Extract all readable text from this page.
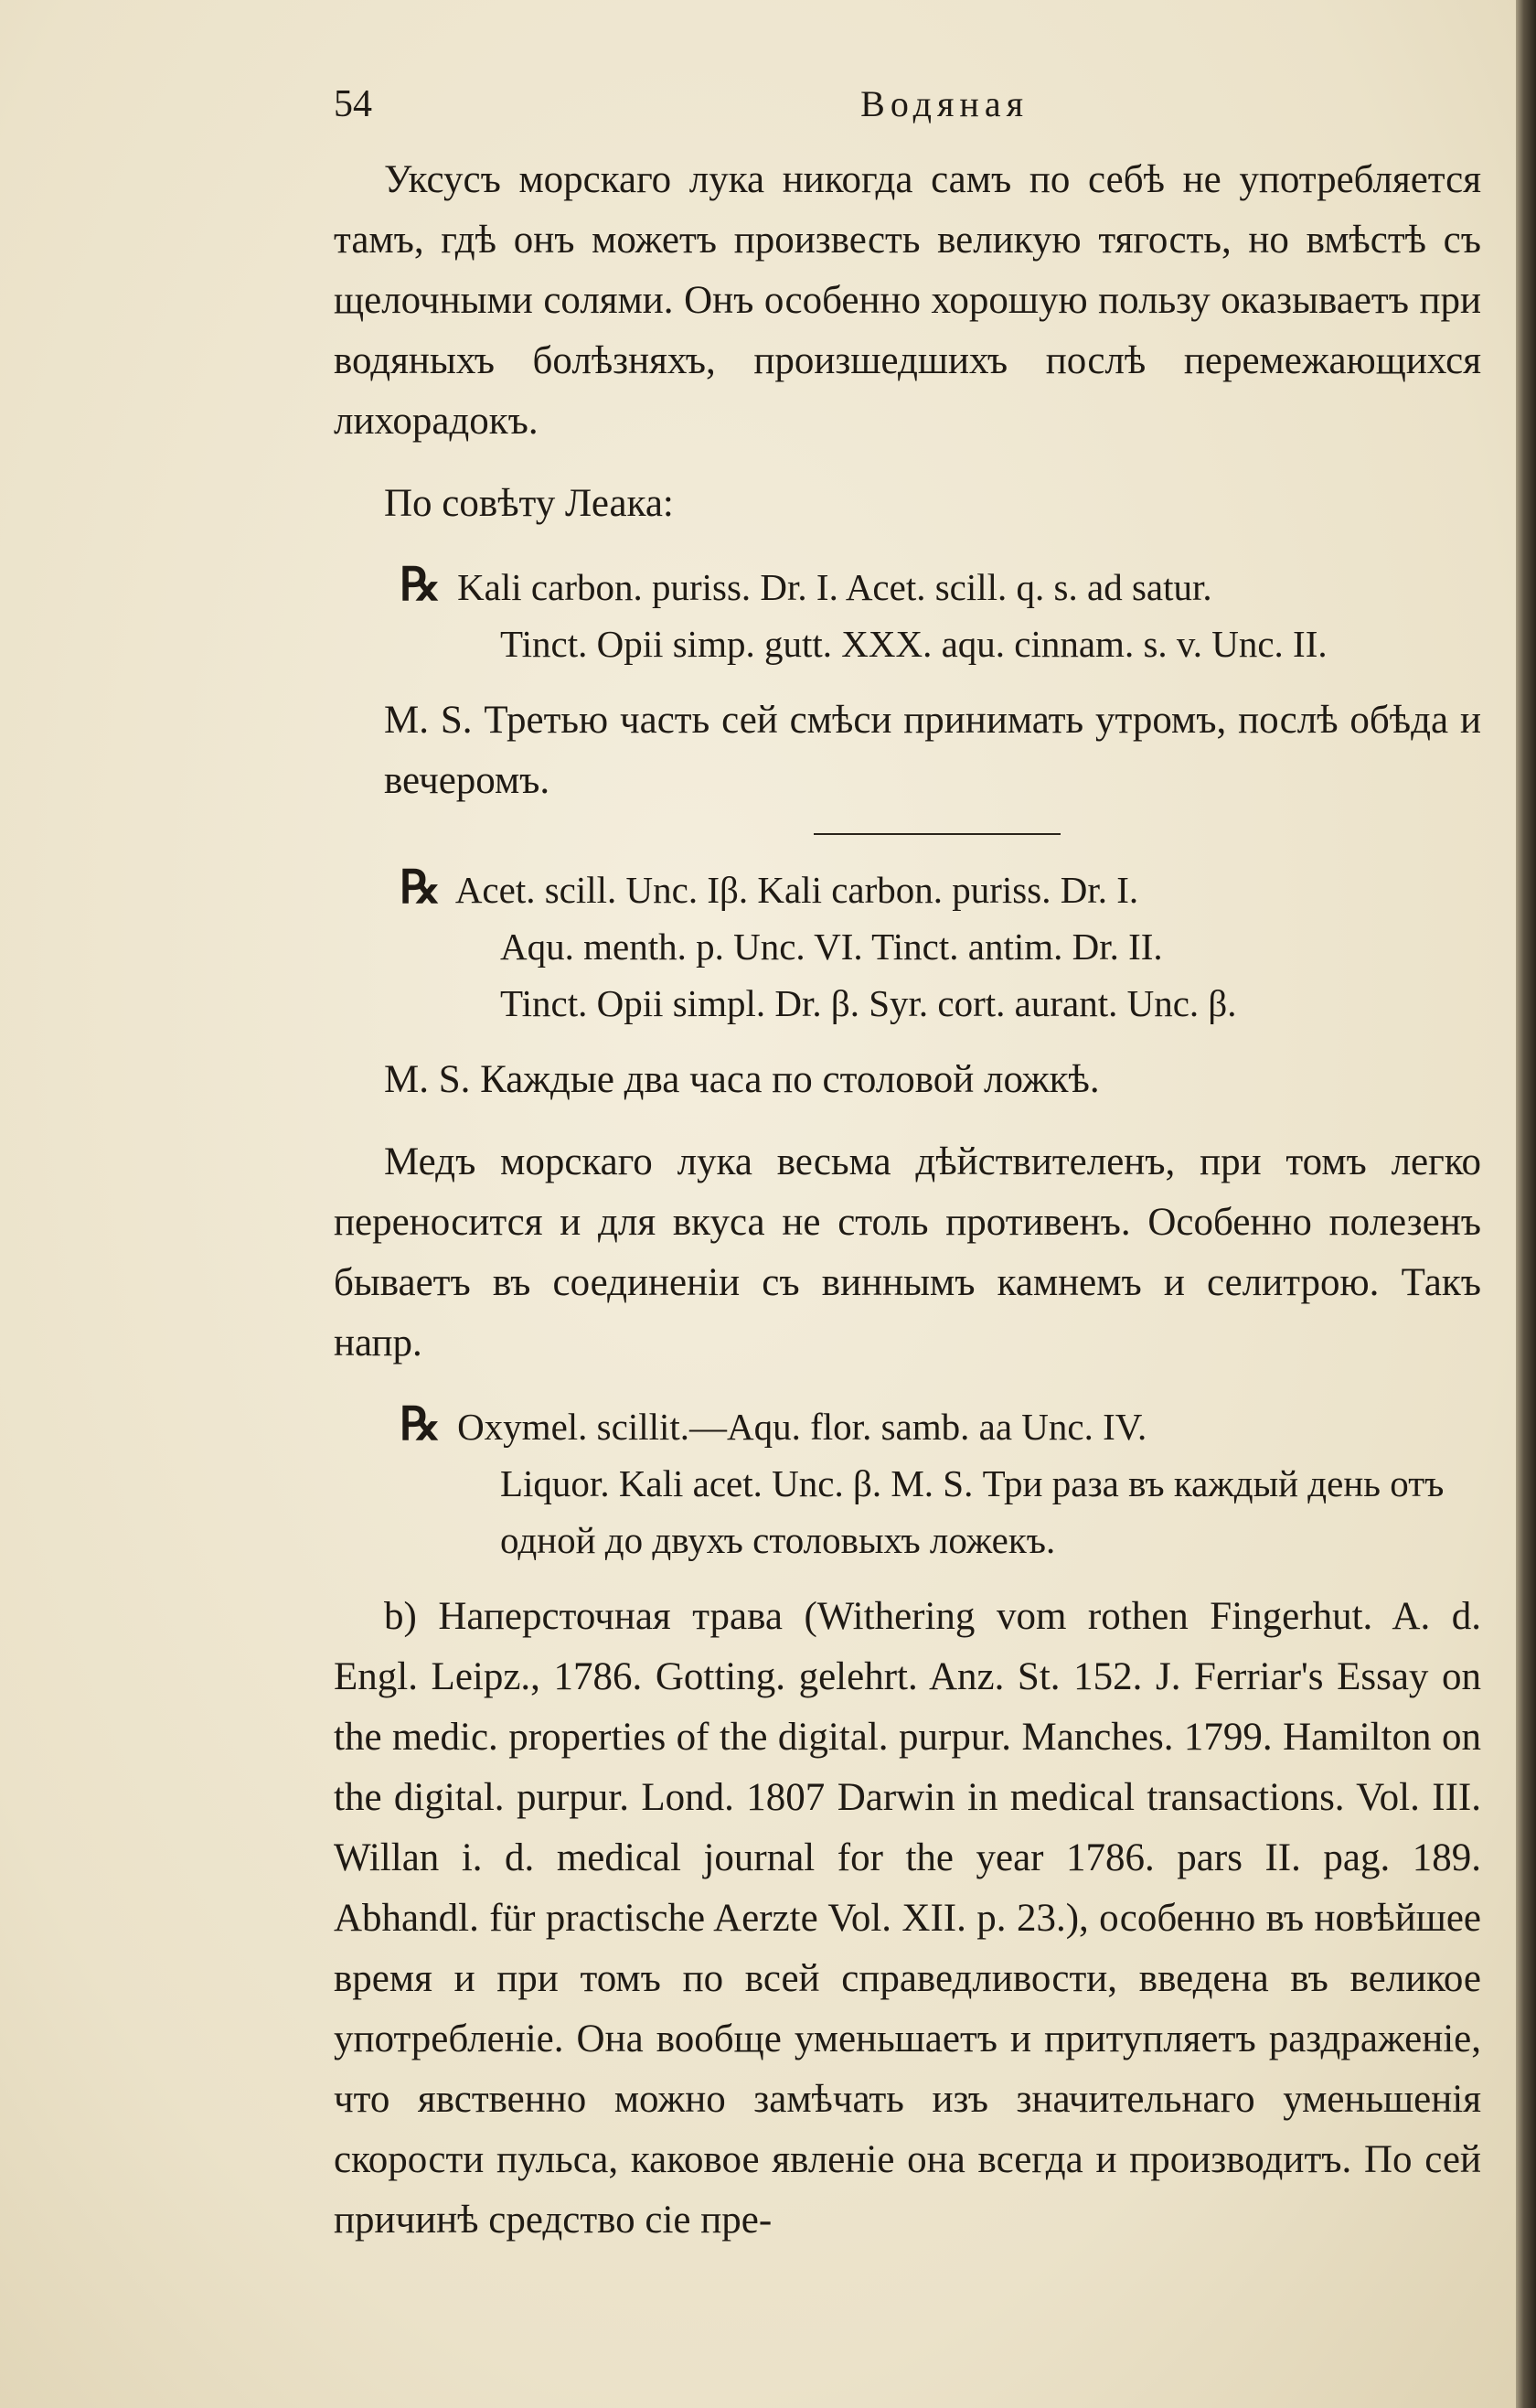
54	Водяная

Уксусъ морскаго лука никогда самъ по себѣ не употребляется тамъ, гдѣ онъ можетъ произвесть великую тягость, но вмѣстѣ съ щелочными солями. Онъ особенно хорошую пользу оказываетъ при водяныхъ болѣзняхъ, произшедшихъ послѣ перемежающихся лихорадокъ.

По совѣту Леака:

℞ Kali carbon. puriss. Dr. I. Acet. scill. q. s. ad satur.
Tinct. Opii simp. gutt. XXX. aqu. cinnam. s. v. Unc. II.

M. S. Третью часть сей смѣси принимать утромъ, послѣ обѣда и вечеромъ.

℞ Acet. scill. Unc. Iβ. Kali carbon. puriss. Dr. I.
Aqu. menth. p. Unc. VI. Tinct. antim. Dr. II.
Tinct. Opii simpl. Dr. β. Syr. cort. aurant. Unc. β.

M. S. Каждые два часа по столовой ложкѣ.

Медъ морскаго лука весьма дѣйствителенъ, при томъ легко переносится и для вкуса не столь противенъ. Особенно полезенъ бываетъ въ соединеніи съ виннымъ камнемъ и селитрою. Такъ напр.

℞ Oxymel. scillit.—Aqu. flor. samb. aa Unc. IV.
Liquor. Kali acet. Unc. β. M. S. Три раза въ каждый день отъ одной до двухъ столовыхъ ложекъ.

b) Наперсточная трава (Withering vom rothen Fingerhut. A. d. Engl. Leipz., 1786. Gotting. gelehrt. Anz. St. 152. J. Ferriar's Essay on the medic. properties of the digital. purpur. Manches. 1799. Hamilton on the digital. purpur. Lond. 1807 Darwin in medical transactions. Vol. III. Willan i. d. medical journal for the year 1786. pars II. pag. 189. Abhandl. für practische Aerzte Vol. XII. p. 23.), особенно въ новѣйшее время и при томъ по всей справедливости, введена въ великое употребленіе. Она вообще уменьшаетъ и притупляетъ раздраженіе, что явственно можно замѣчать изъ значительнаго уменьшенія скорости пульса, каковое явленіе она всегда и производитъ. По сей причинѣ средство сіе пре-
